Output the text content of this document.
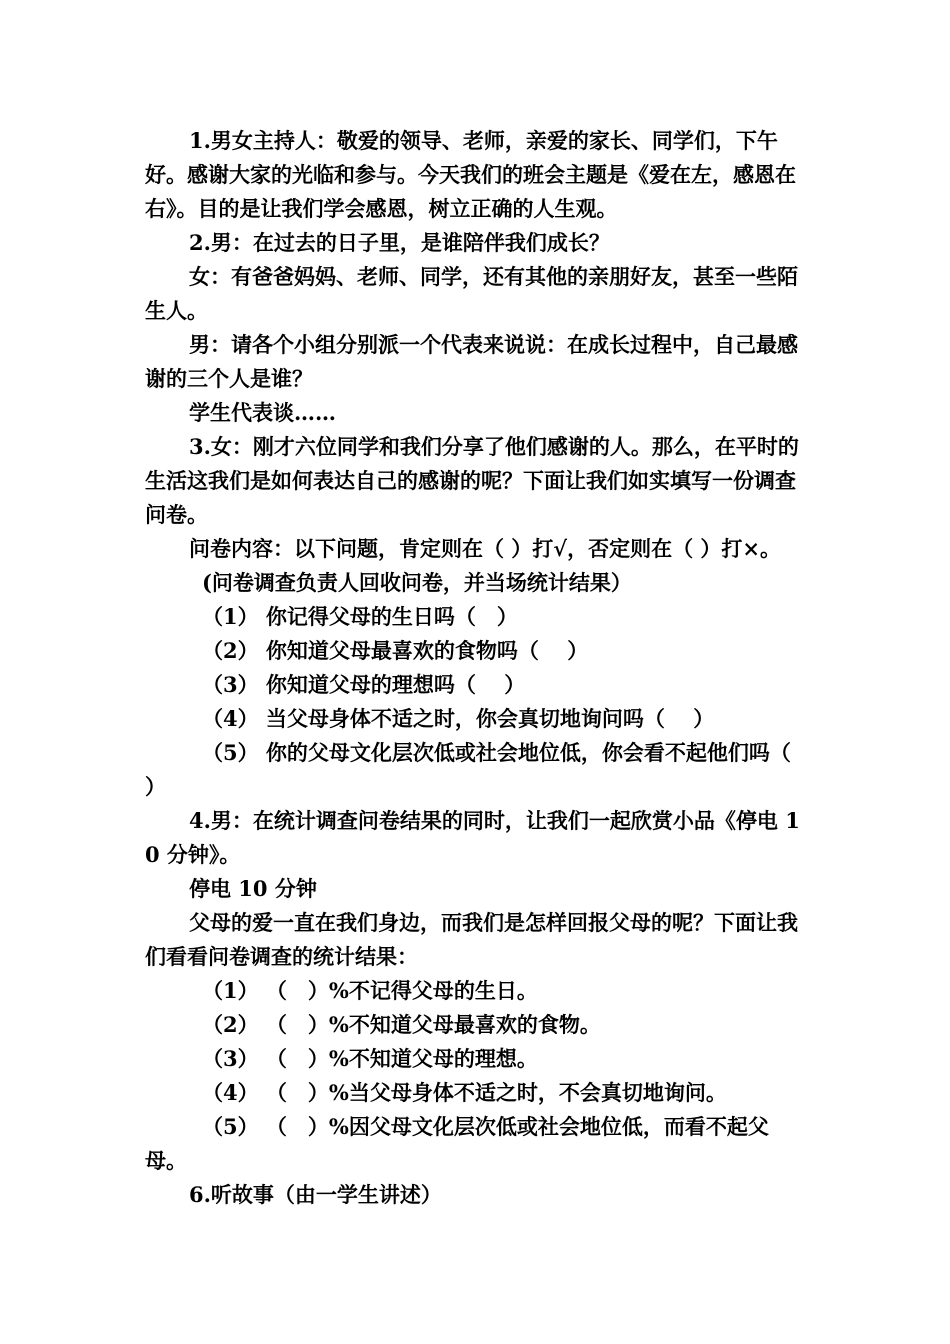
1.男女主持人：敬爱的领导、老师，亲爱的家长、同学们，下午好。感谢大家的光临和参与。今天我们的班会主题是《爱在左，感恩在右》。目的是让我们学会感恩，树立正确的人生观。

2.男：在过去的日子里，是谁陪伴我们成长？

女：有爸爸妈妈、老师、同学，还有其他的亲朋好友，甚至一些陌生人。

男：请各个小组分别派一个代表来说说：在成长过程中，自己最感谢的三个人是谁？

学生代表谈……

3.女：刚才六位同学和我们分享了他们感谢的人。那么，在平时的生活这我们是如何表达自己的感谢的呢？下面让我们如实填写一份调查问卷。

问卷内容：以下问题，肯定则在（ ）打√，否定则在（ ）打×。

(问卷调查负责人回收问卷，并当场统计结果）

（1） 你记得父母的生日吗（　）

（2） 你知道父母最喜欢的食物吗（　 ）

（3） 你知道父母的理想吗（　 ）

（4） 当父母身体不适之时，你会真切地询问吗（　 ）

（5） 你的父母文化层次低或社会地位低，你会看不起他们吗（　 ）

4.男：在统计调查问卷结果的同时，让我们一起欣赏小品《停电 10 分钟》。

停电 10 分钟

父母的爱一直在我们身边，而我们是怎样回报父母的呢？下面让我们看看问卷调查的统计结果：

（1） （　）%不记得父母的生日。

（2） （　）%不知道父母最喜欢的食物。

（3） （　）%不知道父母的理想。

（4） （　）%当父母身体不适之时，不会真切地询问。

（5） （　）%因父母文化层次低或社会地位低，而看不起父母。

6.听故事（由一学生讲述）
